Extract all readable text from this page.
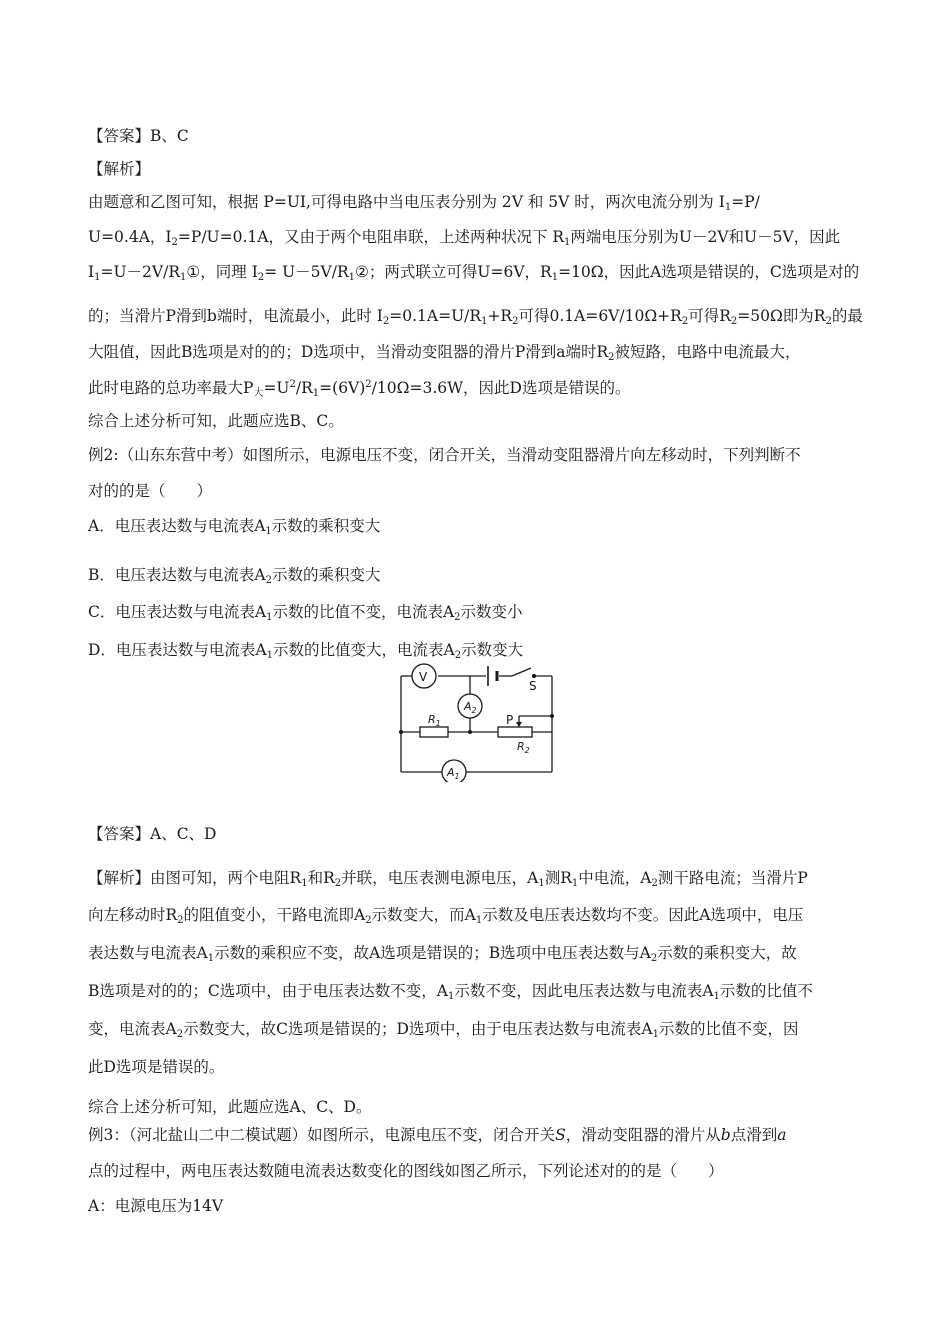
【答案】B、C
【解析】
由题意和乙图可知，根据 P=UI,可得电路中当电压表分别为 2V 和 5V 时，两次电流分别为 $I_1=P/$
U=0.4A，$I_2=P/U=0.1A$，又由于两个电阻串联，上述两种状况下 $R_1$两端电压分别为U－2V和U－5V，因此
$I_1=U-2V/R_1①$，同理 $I_2=$ $U-5V/R_1②$；两式联立可得U=6V，$R_1=10\Omega$，因此A选项是错误的，C选项是对的
的；当滑片P滑到b端时，电流最小，此时 $I_2=0.1A=U/R_1+R_2$可得$0.1A=6V/10\Omega+R_2$可得$R_2=50\Omega$即为$R_2$的最
大阻值，因此B选项是对的的；D选项中，当滑动变阻器的滑片P滑到a端时$R_2$被短路，电路中电流最大，
此时电路的总功率最大$P_大=U^2/R_1=(6V)^2/10\Omega=3.6W$，因此D选项是错误的。
综合上述分析可知，此题应选B、C。
例2:（山东东营中考）如图所示，电源电压不变，闭合开关，当滑动变阻器滑片向左移动时，下列判断不
对的的是（　　）
A．电压表达数与电流表$A_1$示数的乘积变大
B．电压表达数与电流表$A_2$示数的乘积变大
C．电压表达数与电流表$A_1$示数的比值不变，电流表$A_2$示数变小
D．电压表达数与电流表$A_1$示数的比值变大，电流表$A_2$示数变大
V
S
$A_2$
$R_1$	P
$R_2$
$A_1$
【答案】A、C、D
【解析】由图可知，两个电阻$R_1$和$R_2$并联，电压表测电源电压，$A_1$测$R_1$中电流，$A_2$测干路电流；当滑片P
向左移动时$R_2$的阻值变小，干路电流即$A_2$示数变大，而$A_1$示数及电压表达数均不变。因此A选项中，电压
表达数与电流表$A_1$示数的乘积应不变，故A选项是错误的；B选项中电压表达数与$A_2$示数的乘积变大，故
B选项是对的的；C选项中，由于电压表达数不变，$A_1$示数不变，因此电压表达数与电流表$A_1$示数的比值不
变，电流表$A_2$示数变大，故C选项是错误的；D选项中，由于电压表达数与电流表$A_1$示数的比值不变，因
此D选项是错误的。
综合上述分析可知，此题应选A、C、D。
例3：（河北盐山二中二模试题）如图所示，电源电压不变，闭合开关S，滑动变阻器的滑片从b点滑到a
点的过程中，两电压表达数随电流表达数变化的图线如图乙所示，下列论述对的的是（　　）
A：电源电压为14V
